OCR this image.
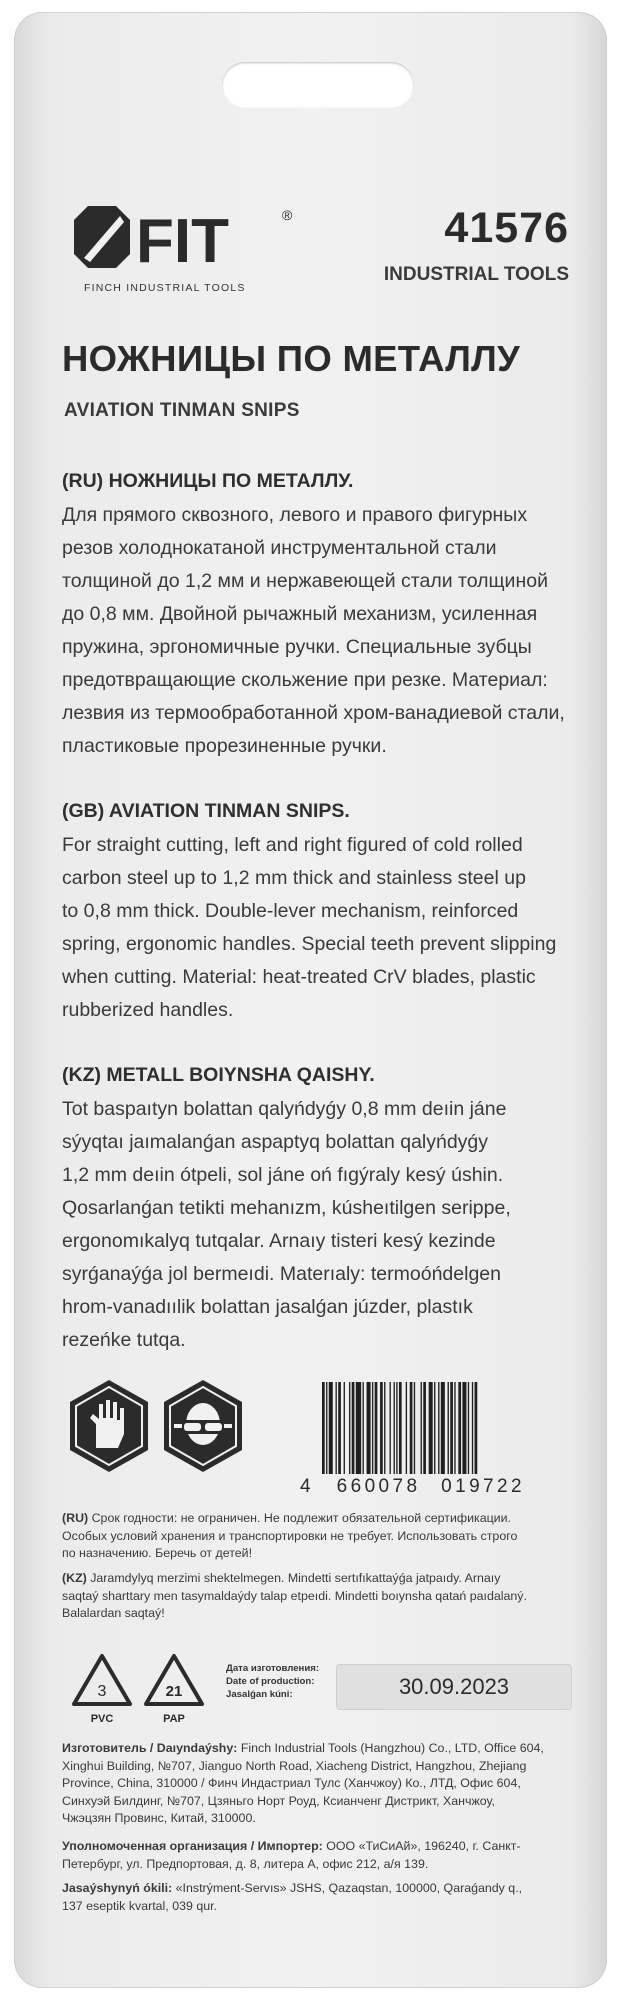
FIT	®
FINCH INDUSTRIAL TOOLS
41576
INDUSTRIAL TOOLS
НОЖНИЦЫ ПО МЕТАЛЛУ
AVIATION TINMAN SNIPS
(RU) НОЖНИЦЫ ПО МЕТАЛЛУ.
Для прямого сквозного, левого и правого фигурных
резов холоднокатаной инструментальной стали
толщиной до 1,2 мм и нержавеющей стали толщиной
до 0,8 мм. Двойной рычажный механизм, усиленная
пружина, эргономичные ручки. Специальные зубцы
предотвращающие скольжение при резке. Материал:
лезвия из термообработанной хром-ванадиевой стали,
пластиковые прорезиненные ручки.
(GB) AVIATION TINMAN SNIPS.
For straight cutting, left and right figured of cold rolled
carbon steel up to 1,2 mm thick and stainless steel up
to 0,8 mm thick. Double-lever mechanism, reinforced
spring, ergonomic handles. Special teeth prevent slipping
when cutting. Material: heat-treated CrV blades, plastic
rubberized handles.
(KZ) METALL BOIYNSHA QAISHY.
Tot baspaıtyn bolattan qalyńdyǵy 0,8 mm deıin jáne
sýyqtaı jaımalanǵan aspaptyq bolattan qalyńdyǵy
1,2 mm deıin ótpeli, sol jáne oń fıgýraly kesý úshin.
Qosarlanǵan tetikti mehanızm, kúsheıtilgen serippe,
ergonomıkalyq tutqalar. Arnaıy tisteri kesý kezinde
syrǵanaýǵa jol bermeıdi. Materıaly: termoóńdelgen
hrom-vanadıılik bolattan jasalǵan júzder, plastık
rezeńke tutqa.
4 660078 019722
(RU) Срок годности: не ограничен. Не подлежит обязательной сертификации.
Особых условий хранения и транспортировки не требует. Использовать строго
по назначению. Беречь от детей!
(KZ) Jaramdylyq merzimi shektelmegen. Mindetti sertıfıkattaýǵa jatpaıdy. Arnaıy
saqtaý sharttary men tasymaldaýdy talap etpeıdi. Mindetti boıynsha qatań paıdalaný.
Balalardan saqtaý!
3
PVC
21
PAP
Дата изготовления:
Date of production:
Jasalǵan kúni:	30.09.2023
Изготовитель / Daıyndaýshy: Finch Industrial Tools (Hangzhou) Co., LTD, Office 604,
Xinghui Building, №707, Jianguo North Road, Xiacheng District, Hangzhou, Zhejiang
Province, China, 310000 / Финч Индастриал Тулс (Ханчжоу) Ко., ЛТД, Офис 604,
Синхуэй Билдинг, №707, Цзяньго Норт Роуд, Ксианченг Дистрикт, Ханчжоу,
Чжэцзян Провинс, Китай, 310000.
Уполномоченная организация / Импортер: ООО «ТиСиАй», 196240, г. Санкт-
Петербург, ул. Предпортовая, д. 8, литера А, офис 212, а/я 139.
Jasaýshynyń ókili: «Instrýment-Servıs» JSHS, Qazaqstan, 100000, Qaraǵandy q.,
137 eseptik kvartal, 039 qur.
